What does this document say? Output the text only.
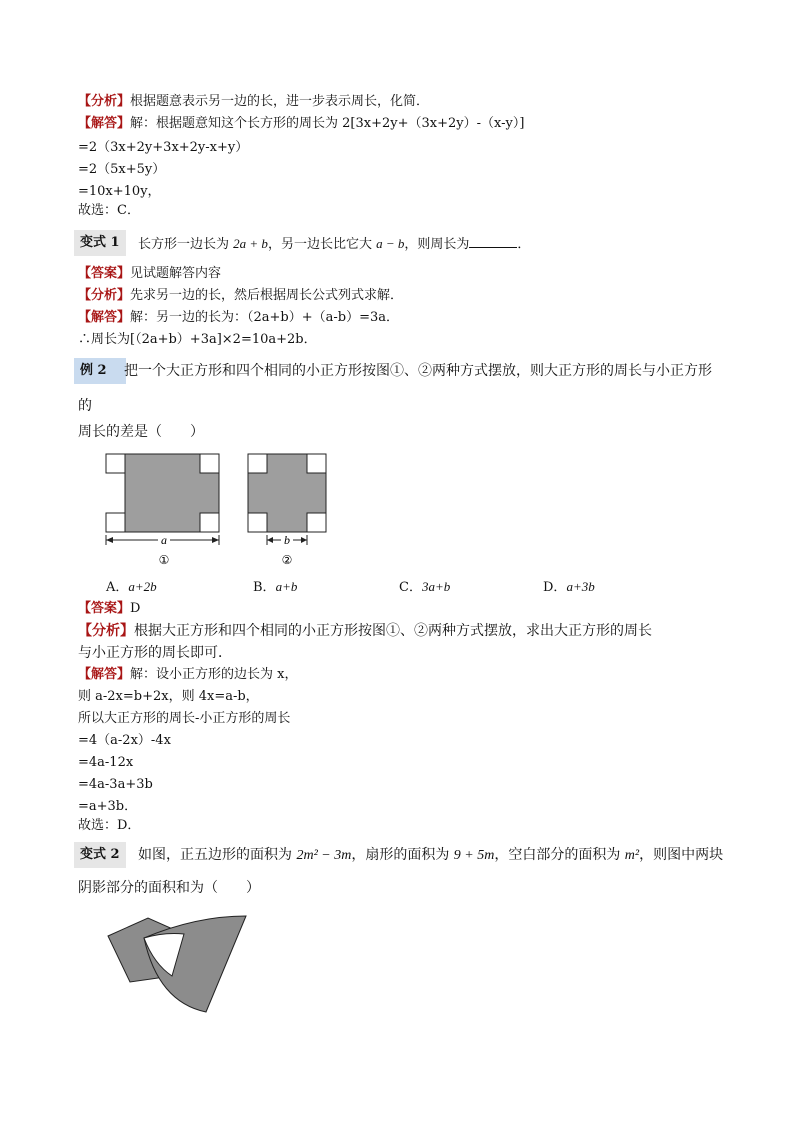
【分析】根据题意表示另一边的长，进一步表示周长，化简．
【解答】解：根据题意知这个长方形的周长为 2[3x+2y+（3x+2y）-（x-y）]
=2（3x+2y+3x+2y-x+y）
=2（5x+5y）
=10x+10y，
故选：C．
变式 1	长方形一边长为 2a + b，另一边长比它大 a − b，则周长为	．
【答案】见试题解答内容
【分析】先求另一边的长，然后根据周长公式列式求解．
【解答】解：另一边的长为：（2a+b）+（a-b）=3a．
∴周长为[（2a+b）+3a]×2=10a+2b．
例 2	把一个大正方形和四个相同的小正方形按图①、②两种方式摆放，则大正方形的周长与小正方形
的
周长的差是（　　）
a
①
b
②
A．a+2b	B．a+b	C．3a+b	D．a+3b
【答案】D
【分析】根据大正方形和四个相同的小正方形按图①、②两种方式摆放，求出大正方形的周长
与小正方形的周长即可．
【解答】解：设小正方形的边长为 x，
则 a-2x=b+2x，则 4x=a-b，
所以大正方形的周长-小正方形的周长
=4（a-2x）-4x
=4a-12x
=4a-3a+3b
=a+3b．
故选：D．
变式 2	如图，正五边形的面积为 2m² − 3m，扇形的面积为 9 + 5m，空白部分的面积为 m²，则图中两块
阴影部分的面积和为（　　）
